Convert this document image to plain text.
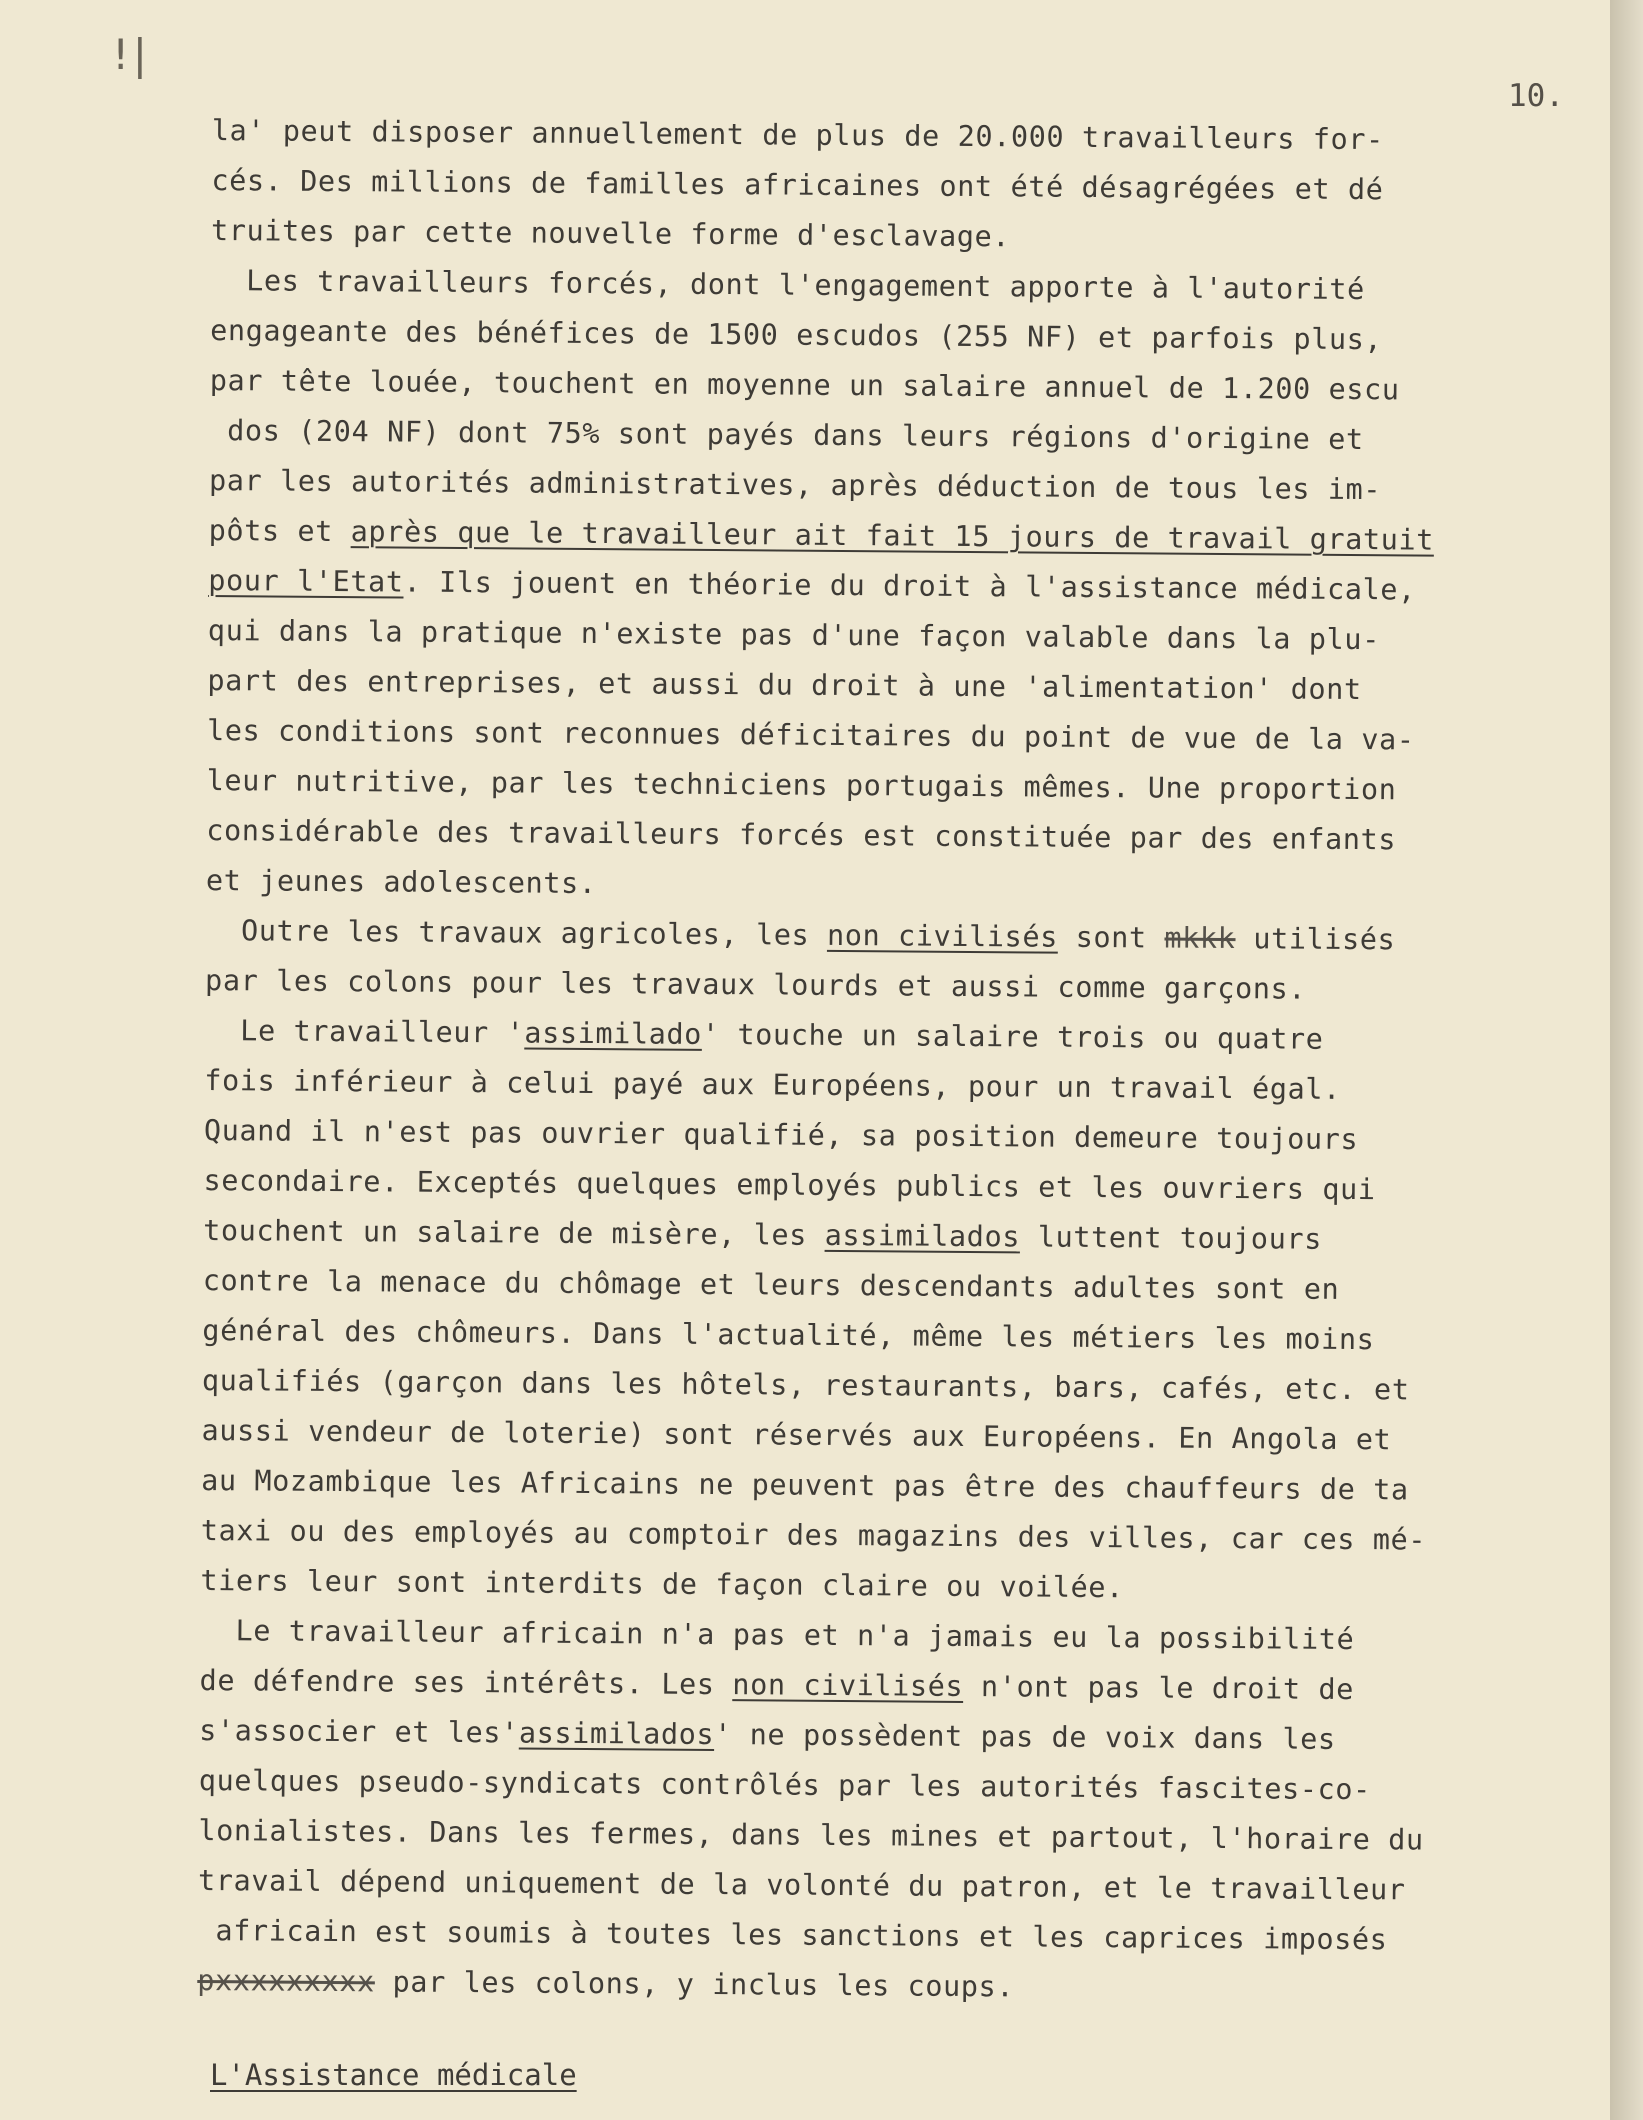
!|
10.

la' peut disposer annuellement de plus de 20.000 travailleurs for-
cés. Des millions de familles africaines ont été désagrégées et dé
truites par cette nouvelle forme d'esclavage.

Les travailleurs forcés, dont l'engagement apporte à l'autorité
engageante des bénéfices de 1500 escudos (255 NF) et parfois plus,
par tête louée, touchent en moyenne un salaire annuel de 1.200 escu
dos (204 NF) dont 75% sont payés dans leurs régions d'origine et
par les autorités administratives, après déduction de tous les im-
pôts et après que le travailleur ait fait 15 jours de travail gratuit
pour l'Etat. Ils jouent en théorie du droit à l'assistance médicale,
qui dans la pratique n'existe pas d'une façon valable dans la plu-
part des entreprises, et aussi du droit à une 'alimentation' dont
les conditions sont reconnues déficitaires du point de vue de la va-
leur nutritive, par les techniciens portugais mêmes. Une proportion
considérable des travailleurs forcés est constituée par des enfants
et jeunes adolescents.

Outre les travaux agricoles, les non civilisés sont mkkk utilisés
par les colons pour les travaux lourds et aussi comme garçons.

Le travailleur 'assimilado' touche un salaire trois ou quatre
fois inférieur à celui payé aux Européens, pour un travail égal.
Quand il n'est pas ouvrier qualifié, sa position demeure toujours
secondaire. Exceptés quelques employés publics et les ouvriers qui
touchent un salaire de misère, les assimilados luttent toujours
contre la menace du chômage et leurs descendants adultes sont en
général des chômeurs. Dans l'actualité, même les métiers les moins
qualifiés (garçon dans les hôtels, restaurants, bars, cafés, etc. et
aussi vendeur de loterie) sont réservés aux Européens. En Angola et
au Mozambique les Africains ne peuvent pas être des chauffeurs de ta
taxi ou des employés au comptoir des magazins des villes, car ces mé-
tiers leur sont interdits de façon claire ou voilée.

Le travailleur africain n'a pas et n'a jamais eu la possibilité
de défendre ses intérêts. Les non civilisés n'ont pas le droit de
s'associer et les'assimilados' ne possèdent pas de voix dans les
quelques pseudo-syndicats contrôlés par les autorités fascites-co-
lonialistes. Dans les fermes, dans les mines et partout, l'horaire du
travail dépend uniquement de la volonté du patron, et le travailleur
africain est soumis à toutes les sanctions et les caprices imposés
pxxxxxxxxx par les colons, y inclus les coups.

L'Assistance médicale
